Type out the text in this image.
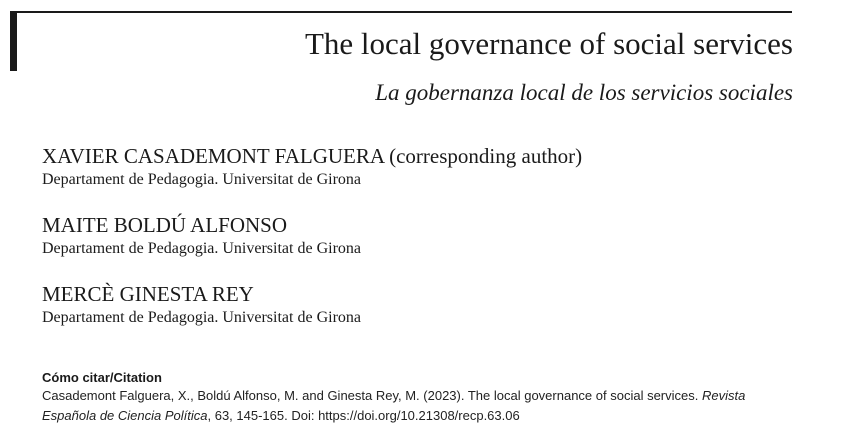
The local governance of social services
La gobernanza local de los servicios sociales
XAVIER CASADEMONT FALGUERA (corresponding author)
Departament de Pedagogia. Universitat de Girona
MAITE BOLDÚ ALFONSO
Departament de Pedagogia. Universitat de Girona
MERCÈ GINESTA REY
Departament de Pedagogia. Universitat de Girona
Cómo citar/Citation
Casademont Falguera, X., Boldú Alfonso, M. and Ginesta Rey, M. (2023). The local governance of social services. Revista Española de Ciencia Política, 63, 145-165. Doi: https://doi.org/10.21308/recp.63.06
